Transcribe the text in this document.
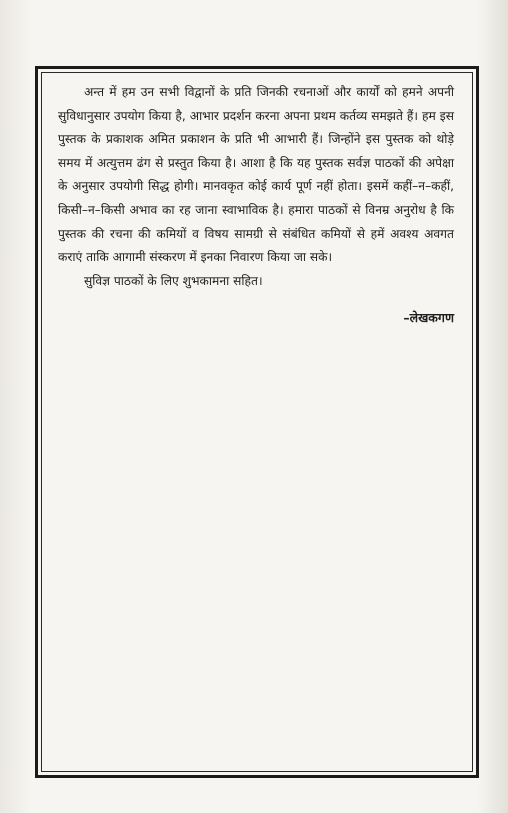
अन्त में हम उन सभी विद्वानों के प्रति जिनकी रचनाओं और कार्यों को हमने अपनी सुविधानुसार उपयोग किया है, आभार प्रदर्शन करना अपना प्रथम कर्तव्य समझते हैं। हम इस पुस्तक के प्रकाशक अमित प्रकाशन के प्रति भी आभारी हैं। जिन्होंने इस पुस्तक को थोड़े समय में अत्युत्तम ढंग से प्रस्तुत किया है। आशा है कि यह पुस्तक सर्वज्ञ पाठकों की अपेक्षा के अनुसार उपयोगी सिद्ध होगी। मानवकृत कोई कार्य पूर्ण नहीं होता। इसमें कहीं–न–कहीं, किसी–न–किसी अभाव का रह जाना स्वाभाविक है। हमारा पाठकों से विनम्र अनुरोध है कि पुस्तक की रचना की कमियों व विषय सामग्री से संबंधित कमियों से हमें अवश्य अवगत कराएं ताकि आगामी संस्करण में इनका निवारण किया जा सके।

सुविज्ञ पाठकों के लिए शुभकामना सहित।

–लेखकगण
